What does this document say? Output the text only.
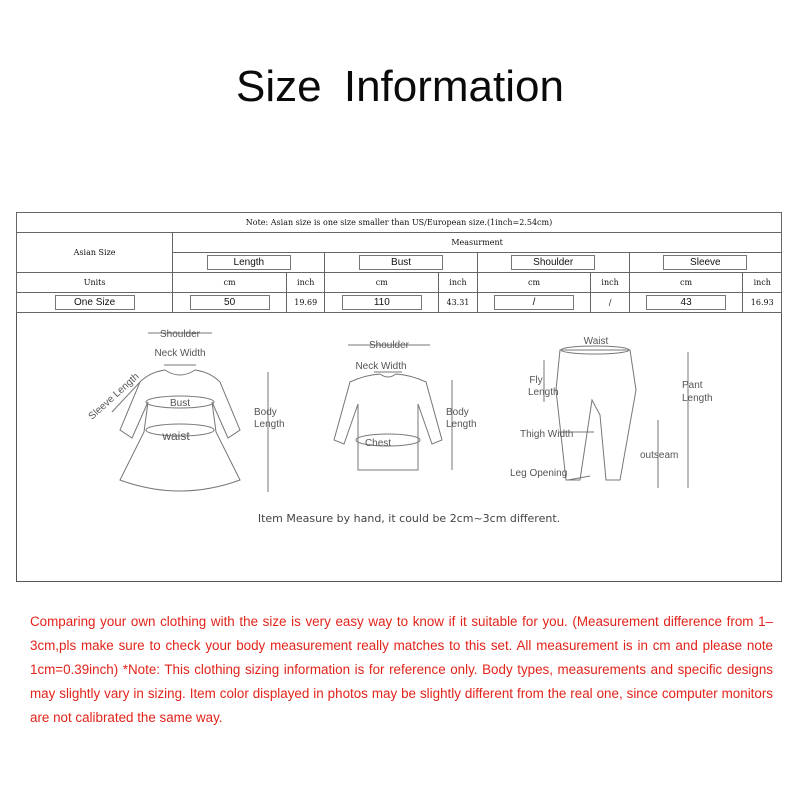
Size Information
Note: Asian size is one size smaller than US/European size.(1inch=2.54cm)								
Asian Size	Measurment							
	Length		Bust		Shoulder		Sleeve	
Units	cm	inch	cm	inch	cm	inch	cm	inch
One Size	50	19.69	110	43.31	/	/	43	16.93
Shoulder
Neck Width
Bust
waist
Sleeve Length	Body
Length
Shoulder
Neck Width
Chest
Body
Length
Waist
Fly
Length
Pant
Length
Thigh Width
outseam
Leg Opening
Item Measure by hand, it could be 2cm~3cm different.
Comparing your own clothing with the size is very easy way to know if it suitable for you. (Measurement difference from 1– 3cm,pls make sure to check your body measurement really matches to this set. All measurement is in cm and please note 1cm=0.39inch) *Note: This clothing sizing information is for reference only. Body types, measurements and specific designs may slightly vary in sizing. Item color displayed in photos may be slightly different from the real one, since computer monitors are not calibrated the same way.
